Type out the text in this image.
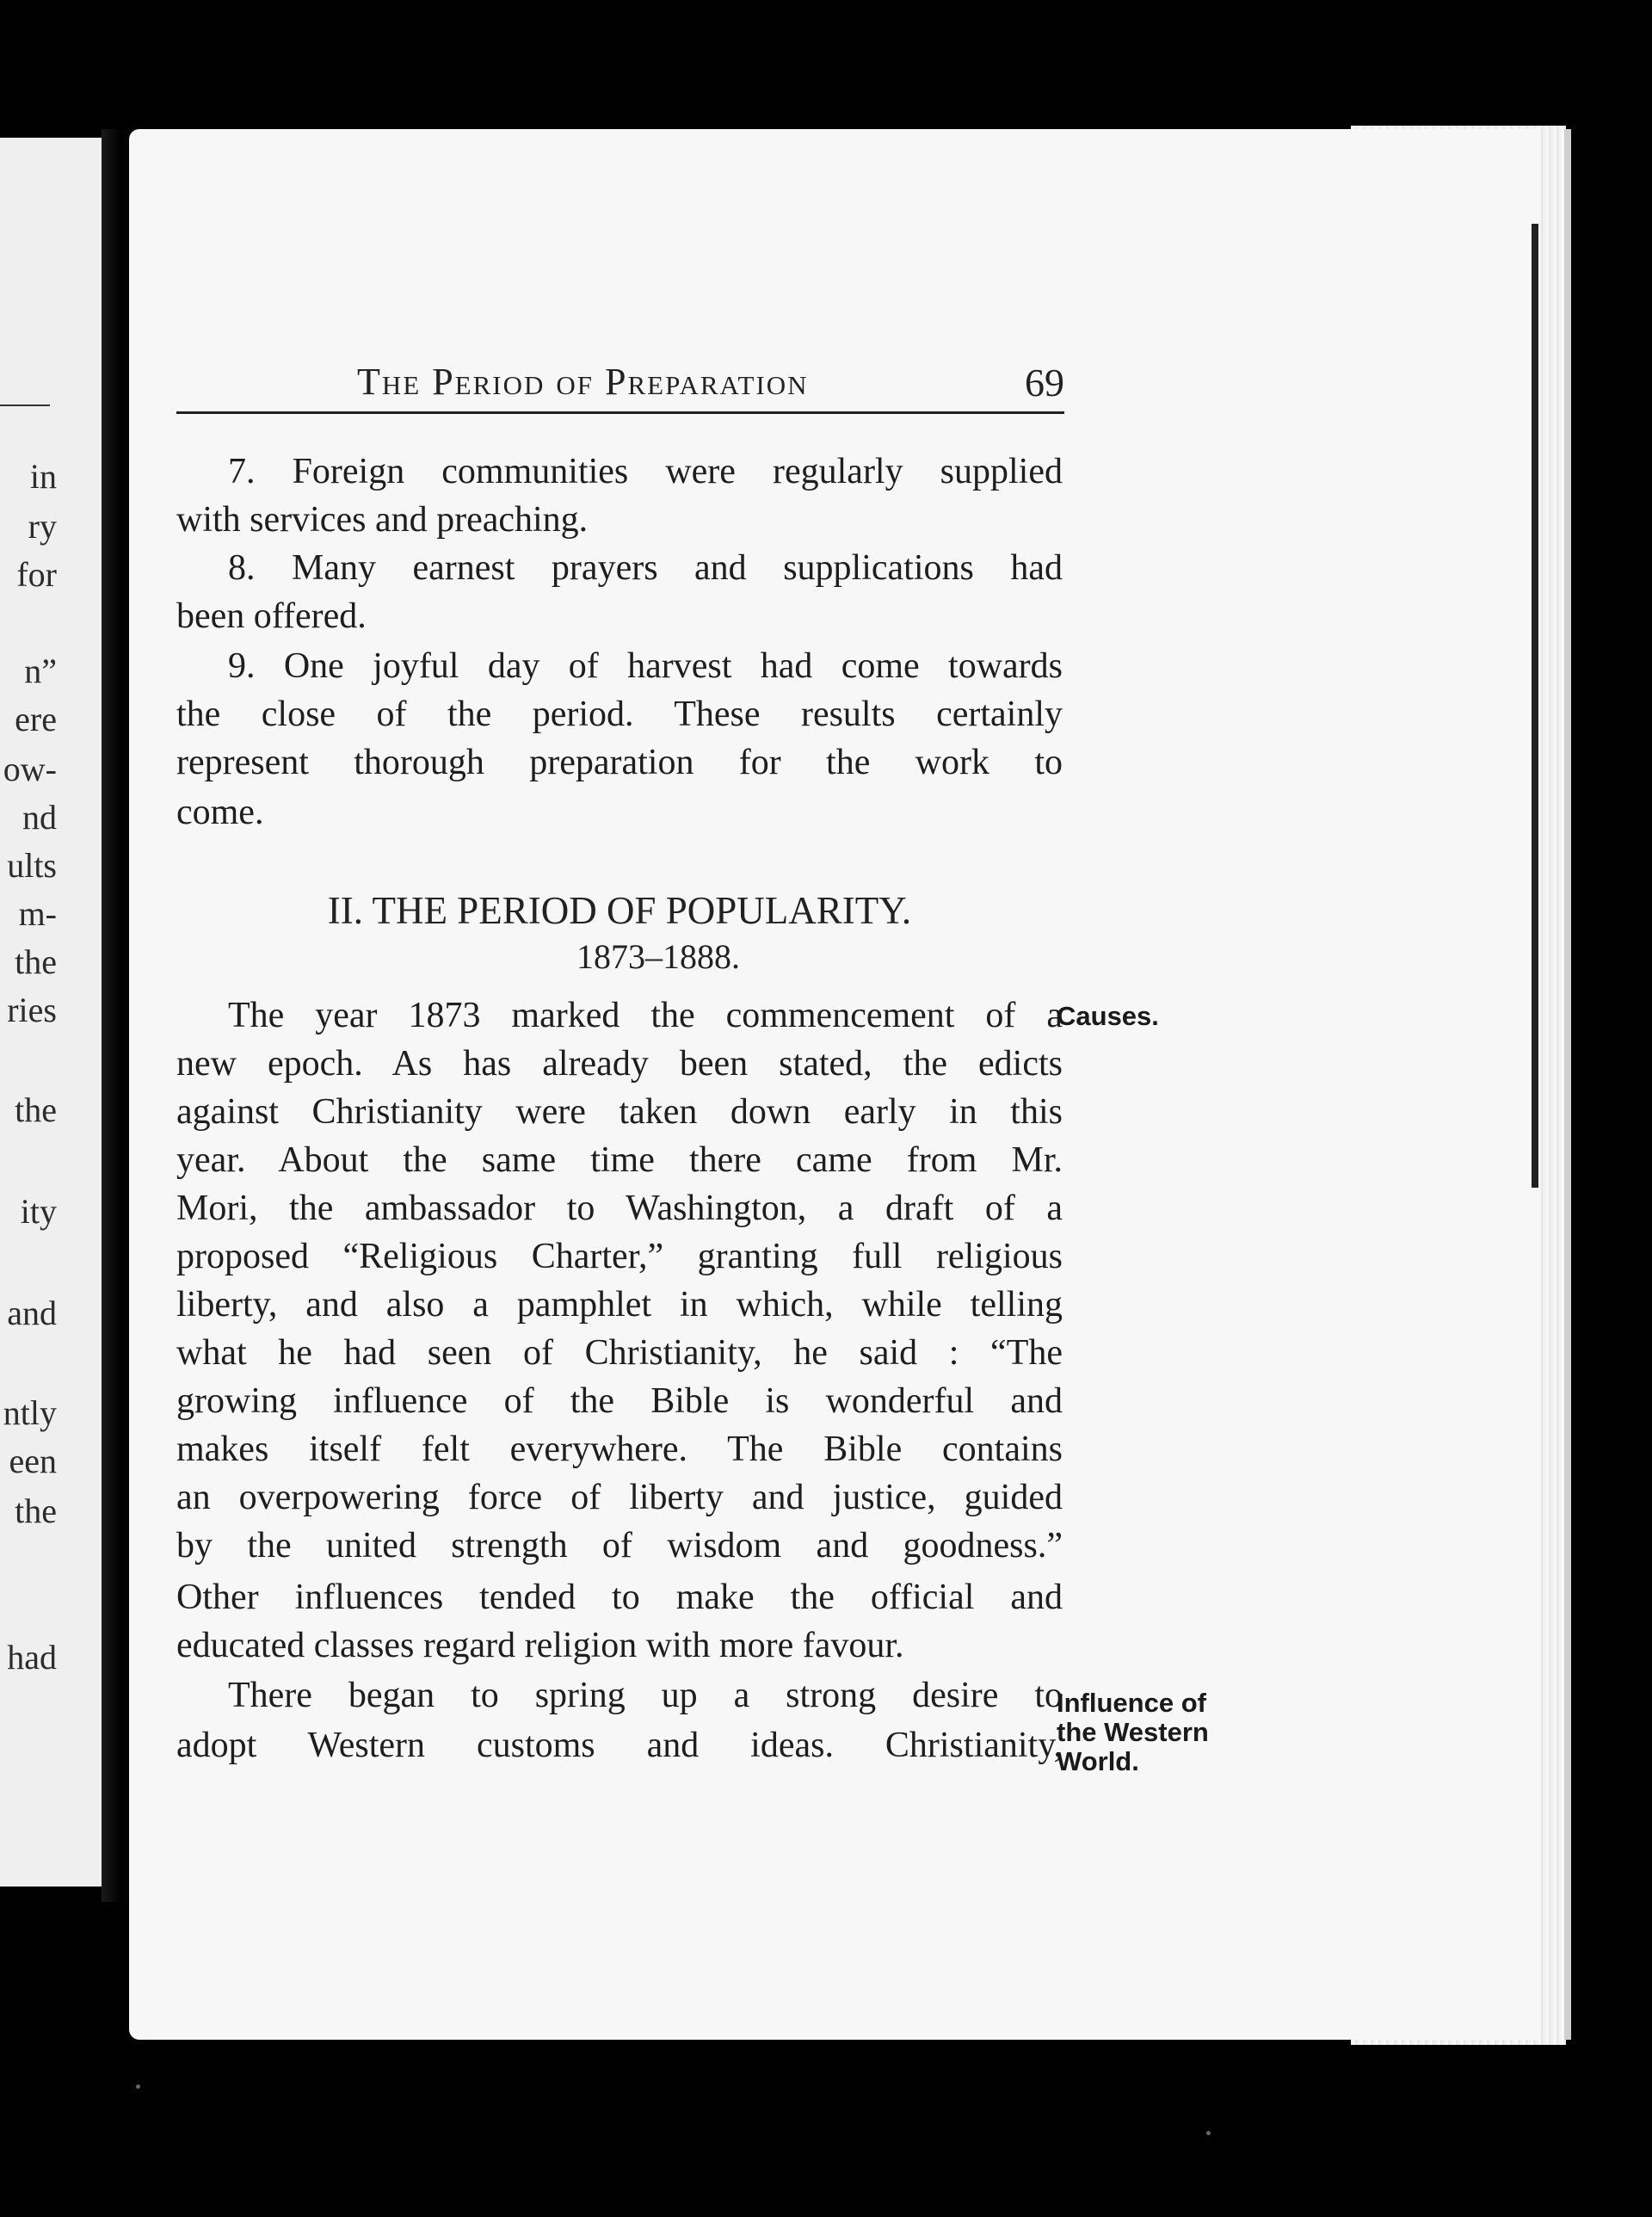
in
ry
for
n”
ere
ow-
nd
ults
m-
the
ries
the
ity
and
ntly
een
the
had
The Period of Preparation	69
7. Foreign communities were regularly supplied
with services and preaching.
8. Many earnest prayers and supplications had
been offered.
9. One joyful day of harvest had come towards
the close of the period. These results certainly
represent thorough preparation for the work to
come.
II. THE PERIOD OF POPULARITY.
1873–1888.
The year 1873 marked the commencement of a
new epoch. As has already been stated, the edicts
against Christianity were taken down early in this
year. About the same time there came from Mr.
Mori, the ambassador to Washington, a draft of a
proposed “Religious Charter,” granting full religious
liberty, and also a pamphlet in which, while telling
what he had seen of Christianity, he said : “The
growing influence of the Bible is wonderful and
makes itself felt everywhere. The Bible contains
an overpowering force of liberty and justice, guided
by the united strength of wisdom and goodness.”
Other influences tended to make the official and
educated classes regard religion with more favour.
There began to spring up a strong desire to
adopt Western customs and ideas. Christianity,
Causes.
Influence of
the Western
World.
